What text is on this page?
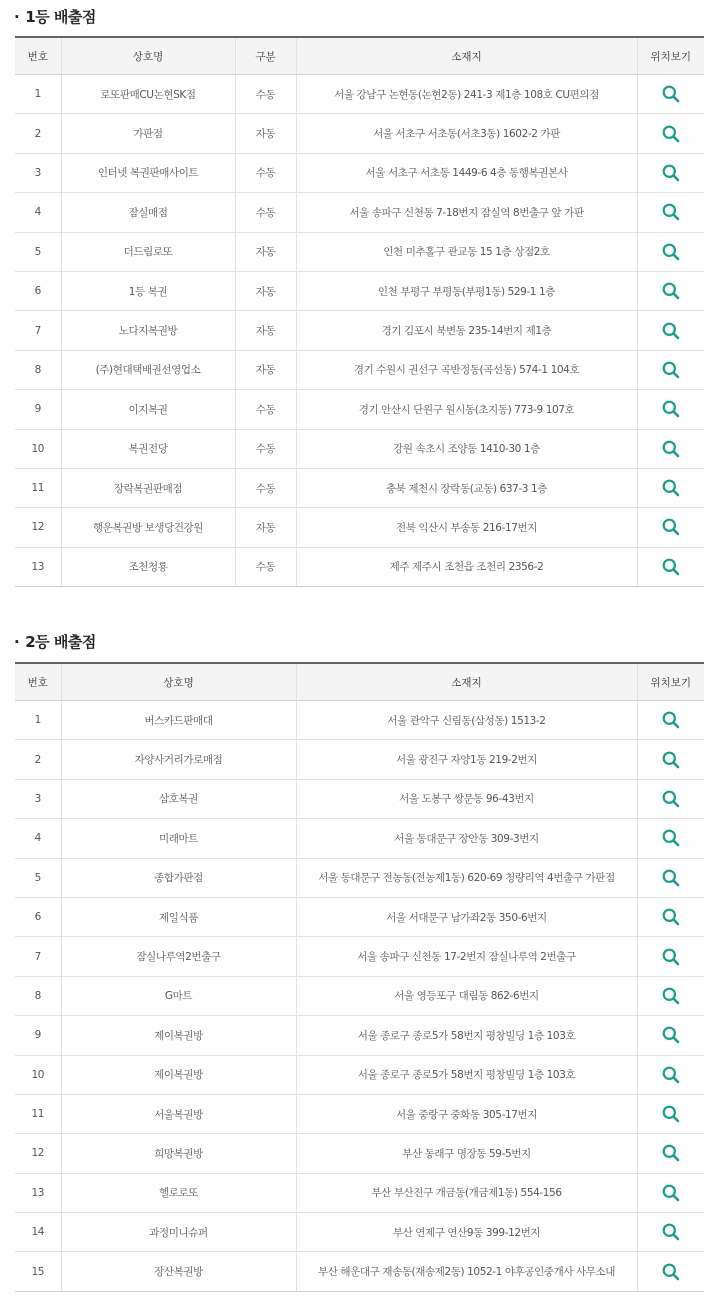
· 1등 배출점
번호	상호명	구분	소재지	위치보기
1	로또판매CU논현SK점	수동	서울 강남구 논현동(논현2동) 241-3 제1층 108호 CU편의점	

2	가판점	자동	서울 서초구 서초동(서초3동) 1602-2 가판	

3	인터넷 복권판매사이트	수동	서울 서초구 서초동 1449-6 4층 동행복권본사	

4	잠실매점	수동	서울 송파구 신천동 7-18번지 잠실역 8번출구 앞 가판	

5	더드림로또	자동	인천 미추홀구 관교동 15 1층 상점2호	

6	1등 복권	자동	인천 부평구 부평동(부평1동) 529-1 1층	

7	노다지복권방	자동	경기 김포시 북변동 235-14번지 제1층	

8	(주)현대택배권선영업소	자동	경기 수원시 권선구 곡반정동(곡선동) 574-1 104호	

9	이지복권	수동	경기 안산시 단원구 원시동(초지동) 773-9 107호	

10	복권전당	수동	강원 속초시 조양동 1410-30 1층	

11	장락복권판매점	수동	충북 제천시 장락동(교동) 637-3 1층	

12	행운복권방 보생당건강원	자동	전북 익산시 부송동 216-17번지	

13	조천청룡	수동	제주 제주시 조천읍 조천리 2356-2	
· 2등 배출점
번호	상호명	소재지	위치보기
1	버스카드판매대	서울 관악구 신림동(삼성동) 1513-2	

2	자양사거리가로매점	서울 광진구 자양1동 219-2번지	

3	삼호복권	서울 도봉구 쌍문동 96-43번지	

4	미래마트	서울 동대문구 장안동 309-3번지	

5	종합가판점	서울 동대문구 전농동(전농제1동) 620-69 청량리역 4번출구 가판점	

6	제일식품	서울 서대문구 남가좌2동 350-6번지	

7	잠실나루역2번출구	서울 송파구 신천동 17-2번지 잠실나루역 2번출구	

8	G마트	서울 영등포구 대림동 862-6번지	

9	제이복권방	서울 종로구 종로5가 58번지 평창빌딩 1층 103호	

10	제이복권방	서울 종로구 종로5가 58번지 평창빌딩 1층 103호	

11	서울복권방	서울 중랑구 중화동 305-17번지	

12	희망복권방	부산 동래구 명장동 59-5번지	

13	헬로로또	부산 부산진구 개금동(개금제1동) 554-156	

14	과정미니슈퍼	부산 연제구 연산9동 399-12번지	

15	장산복권방	부산 해운대구 재송동(재송제2동) 1052-1 야후공인중개사 사무소내	
